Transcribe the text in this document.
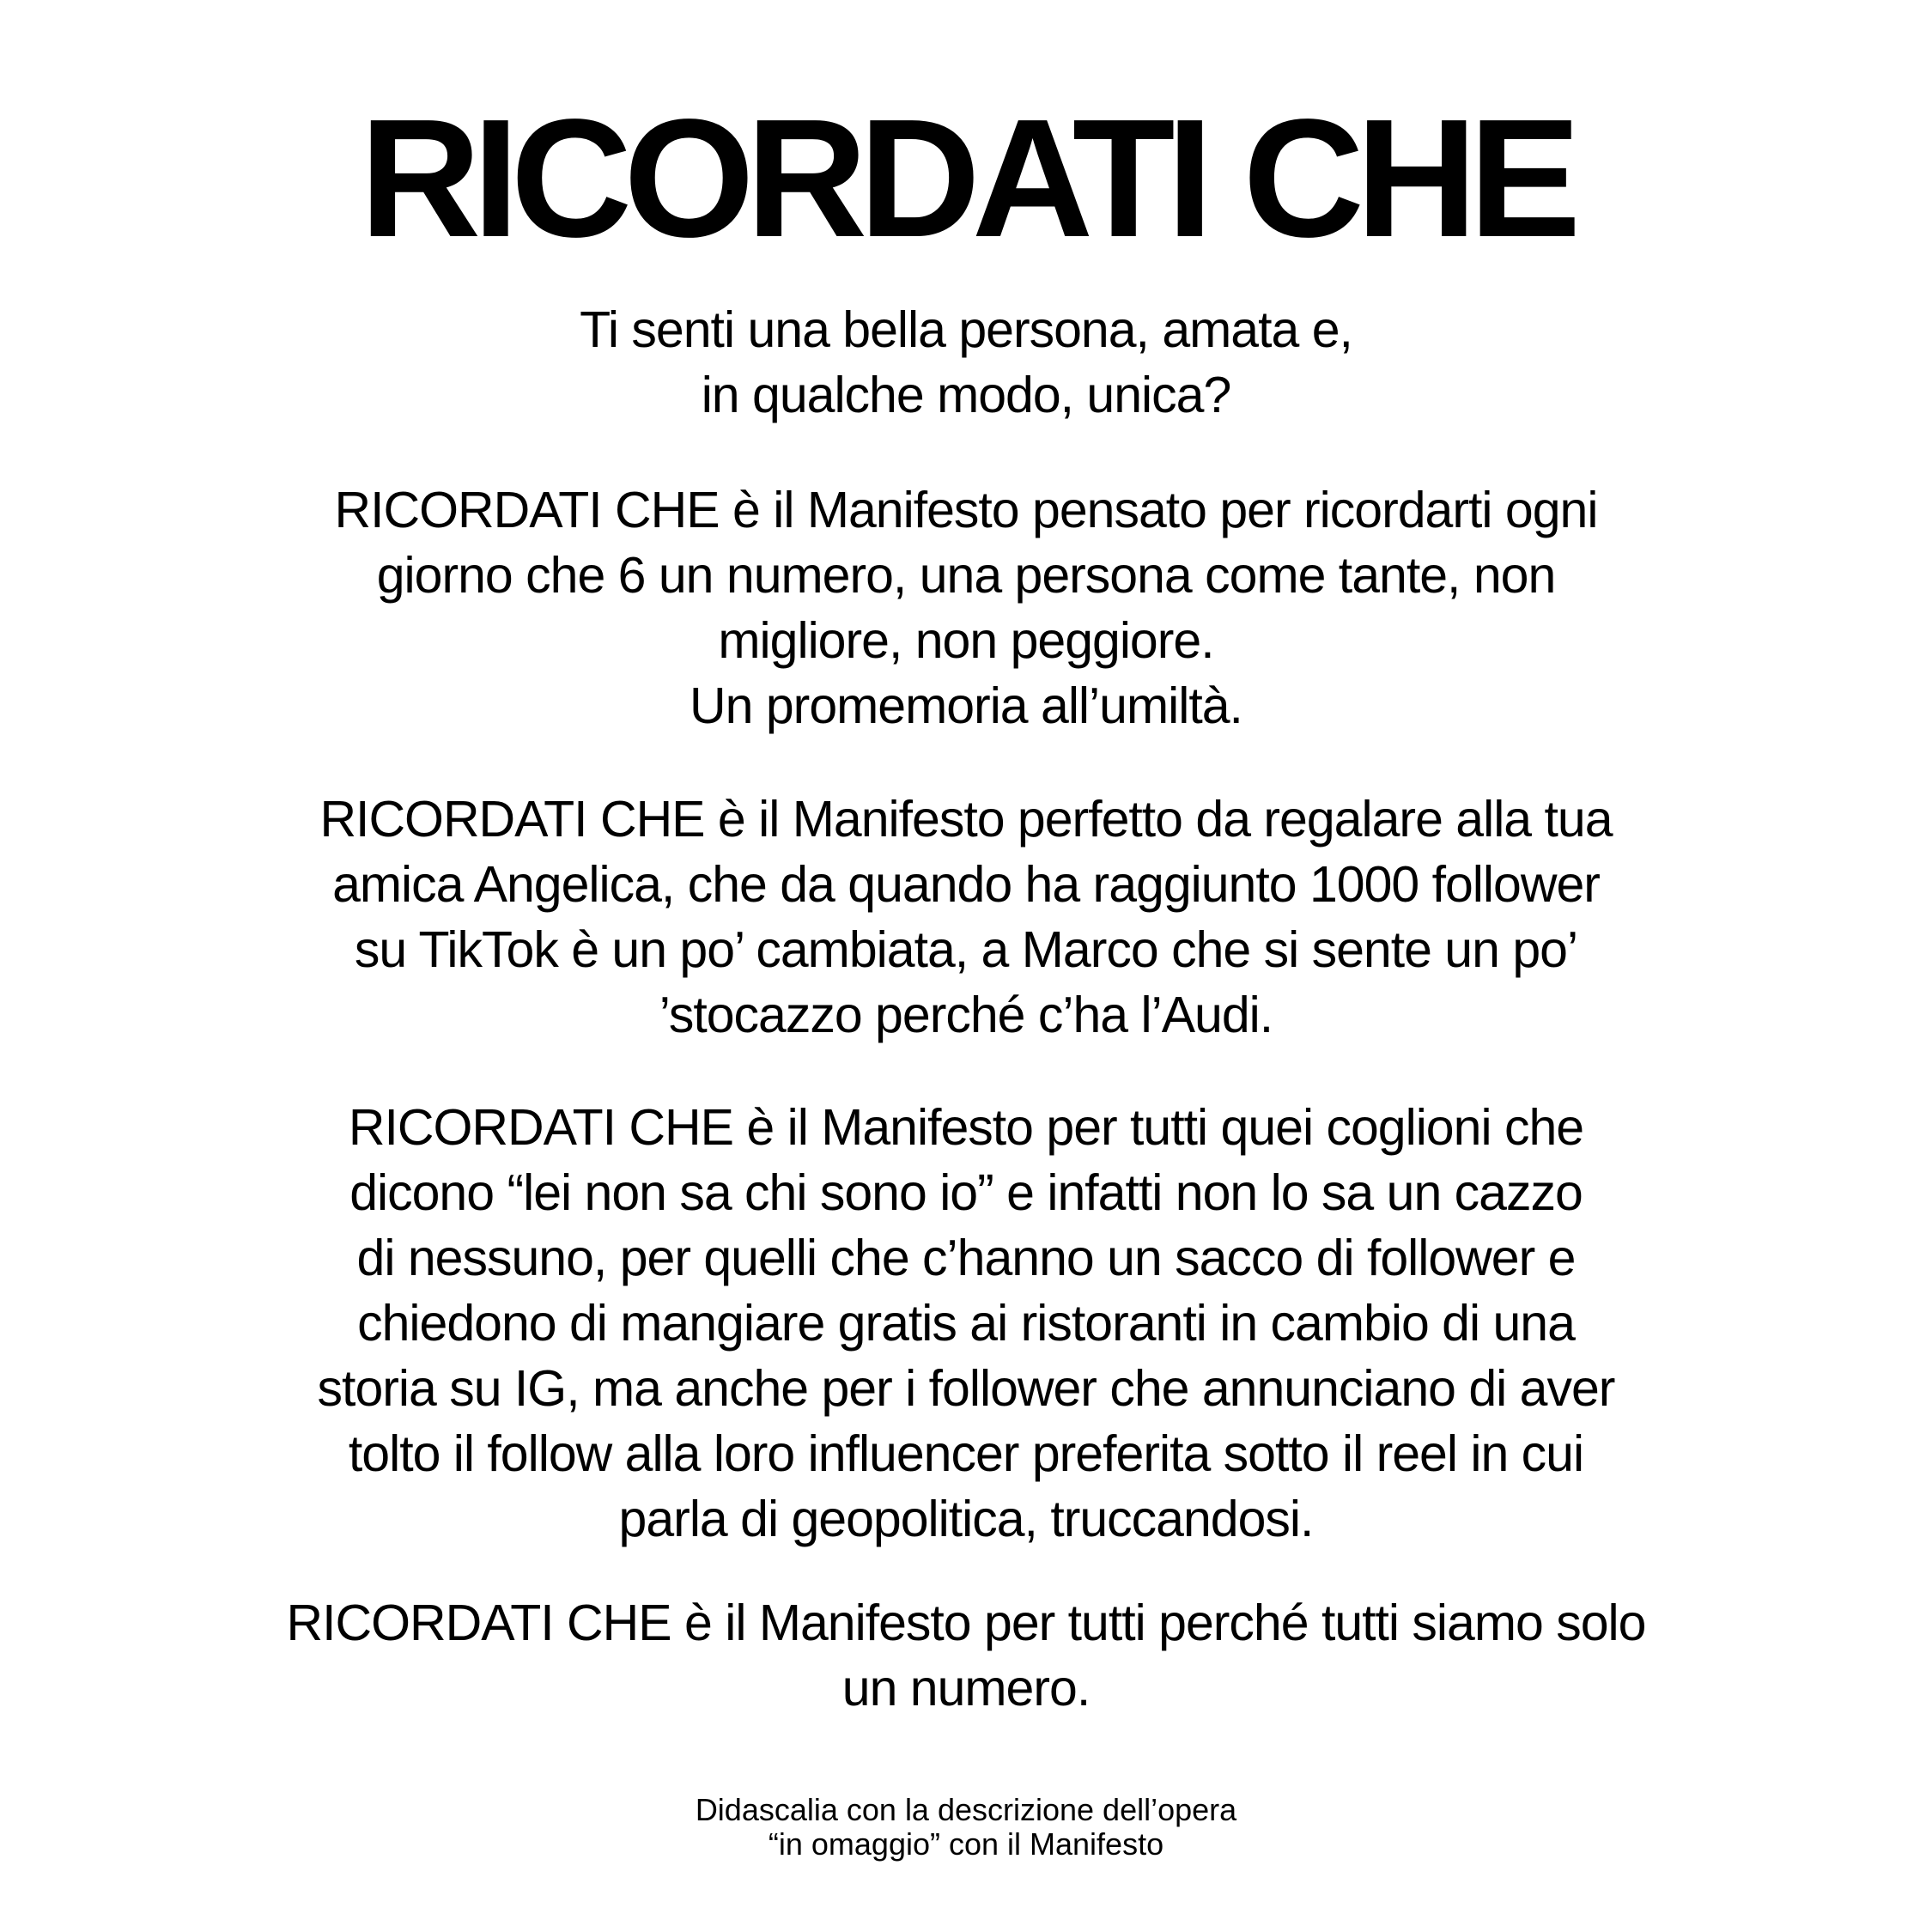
RICORDATI CHE

Ti senti una bella persona, amata e,
in qualche modo, unica?

RICORDATI CHE è il Manifesto pensato per ricordarti ogni
giorno che 6 un numero, una persona come tante, non
migliore, non peggiore.
Un promemoria all’umiltà.

RICORDATI CHE è il Manifesto perfetto da regalare alla tua
amica Angelica, che da quando ha raggiunto 1000 follower
su TikTok è un po’ cambiata, a Marco che si sente un po’
’stocazzo perché c’ha l’Audi.

RICORDATI CHE è il Manifesto per tutti quei coglioni che
dicono “lei non sa chi sono io” e infatti non lo sa un cazzo
di nessuno, per quelli che c’hanno un sacco di follower e
chiedono di mangiare gratis ai ristoranti in cambio di una
storia su IG, ma anche per i follower che annunciano di aver
tolto il follow alla loro influencer preferita sotto il reel in cui
parla di geopolitica, truccandosi.

RICORDATI CHE è il Manifesto per tutti perché tutti siamo solo
un numero.

Didascalia con la descrizione dell’opera
“in omaggio” con il Manifesto
